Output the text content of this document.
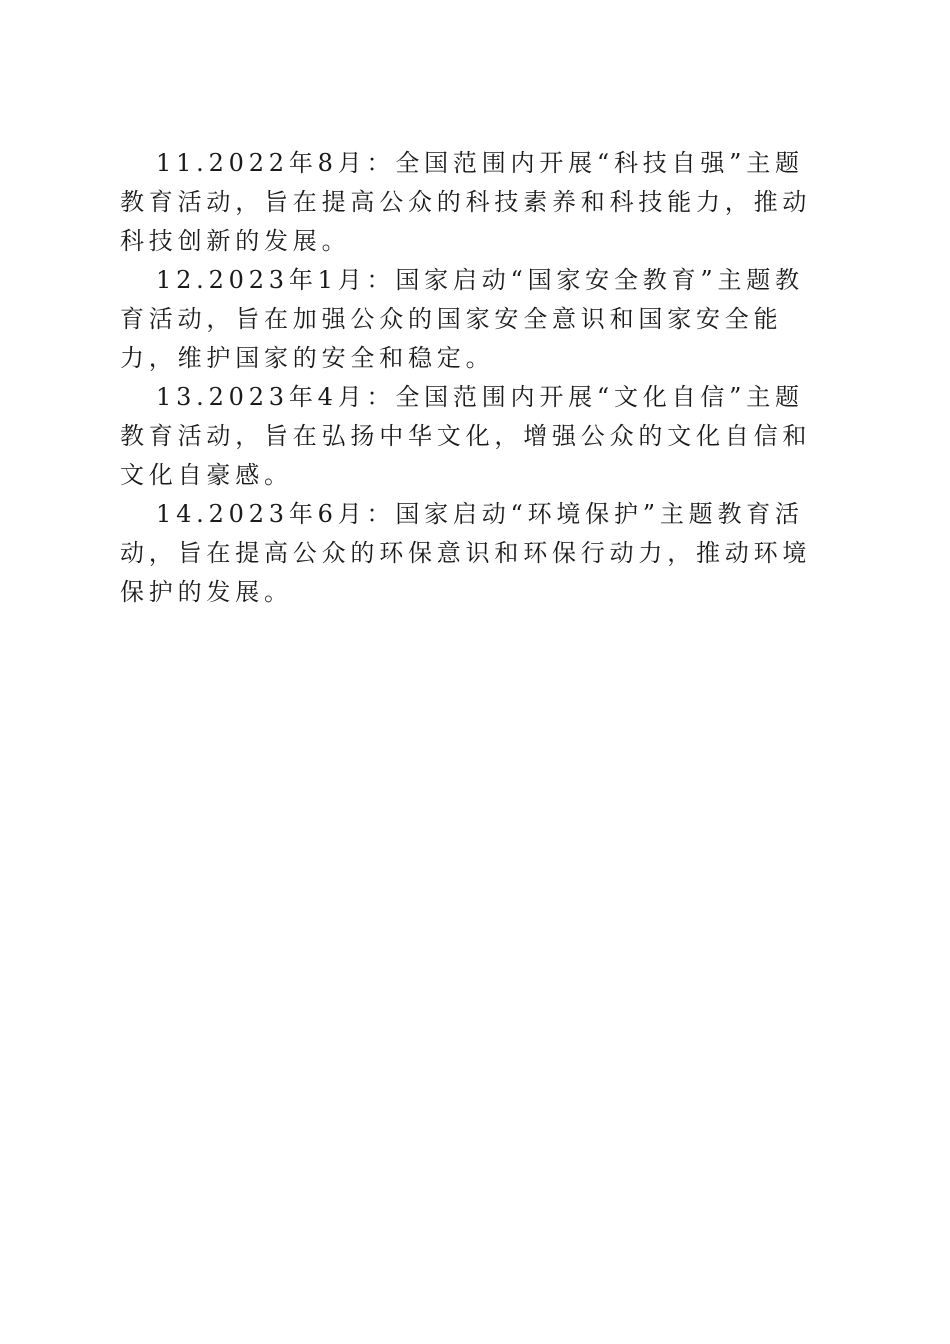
11.2022年8月：全国范围内开展“科技自强”主题教育活动，旨在提高公众的科技素养和科技能力，推动科技创新的发展。

12.2023年1月：国家启动“国家安全教育”主题教育活动，旨在加强公众的国家安全意识和国家安全能力，维护国家的安全和稳定。

13.2023年4月：全国范围内开展“文化自信”主题教育活动，旨在弘扬中华文化，增强公众的文化自信和文化自豪感。

14.2023年6月：国家启动“环境保护”主题教育活动，旨在提高公众的环保意识和环保行动力，推动环境保护的发展。
